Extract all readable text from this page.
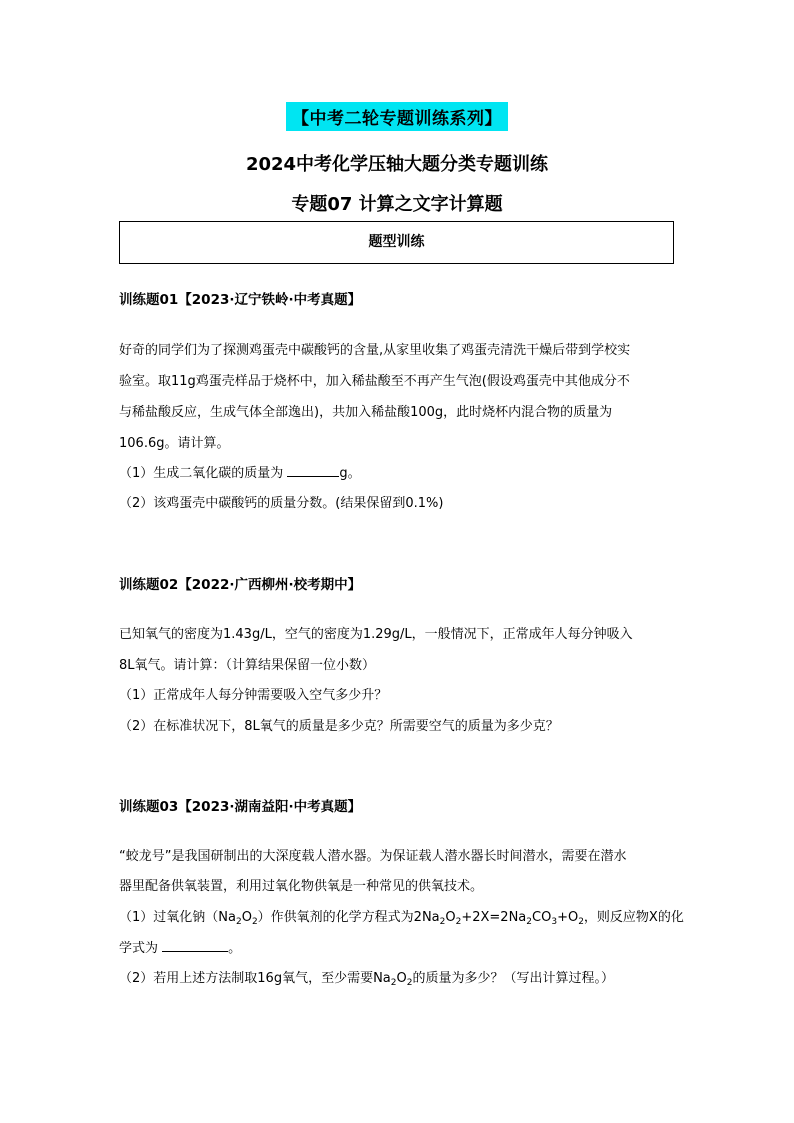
【中考二轮专题训练系列】
2024中考化学压轴大题分类专题训练
专题07 计算之文字计算题
题型训练
训练题01【2023·辽宁铁岭·中考真题】
好奇的同学们为了探测鸡蛋壳中碳酸钙的含量,从家里收集了鸡蛋壳清洗干燥后带到学校实
验室。取11g鸡蛋壳样品于烧杯中，加入稀盐酸至不再产生气泡(假设鸡蛋壳中其他成分不
与稀盐酸反应，生成气体全部逸出)，共加入稀盐酸100g，此时烧杯内混合物的质量为
106.6g。请计算。
（1）生成二氧化碳的质量为	g。
（2）该鸡蛋壳中碳酸钙的质量分数。(结果保留到0.1%)
训练题02【2022·广西柳州·校考期中】
已知氧气的密度为1.43g/L，空气的密度为1.29g/L，一般情况下，正常成年人每分钟吸入
8L氧气。请计算：（计算结果保留一位小数）
（1）正常成年人每分钟需要吸入空气多少升？
（2）在标准状况下，8L氧气的质量是多少克？所需要空气的质量为多少克？
训练题03【2023·湖南益阳·中考真题】
“蛟龙号”是我国研制出的大深度载人潜水器。为保证载人潜水器长时间潜水，需要在潜水
器里配备供氧装置，利用过氧化物供氧是一种常见的供氧技术。
（1）过氧化钠$(Na_2O_2)$作供氧剂的化学方程式为$2Na_2O_2+2X=2Na_2CO_3+O_2$，则反应物X的化
学式为	。
（2）若用上述方法制取16g氧气，至少需要$Na_2O_2$的质量为多少？（写出计算过程。）
